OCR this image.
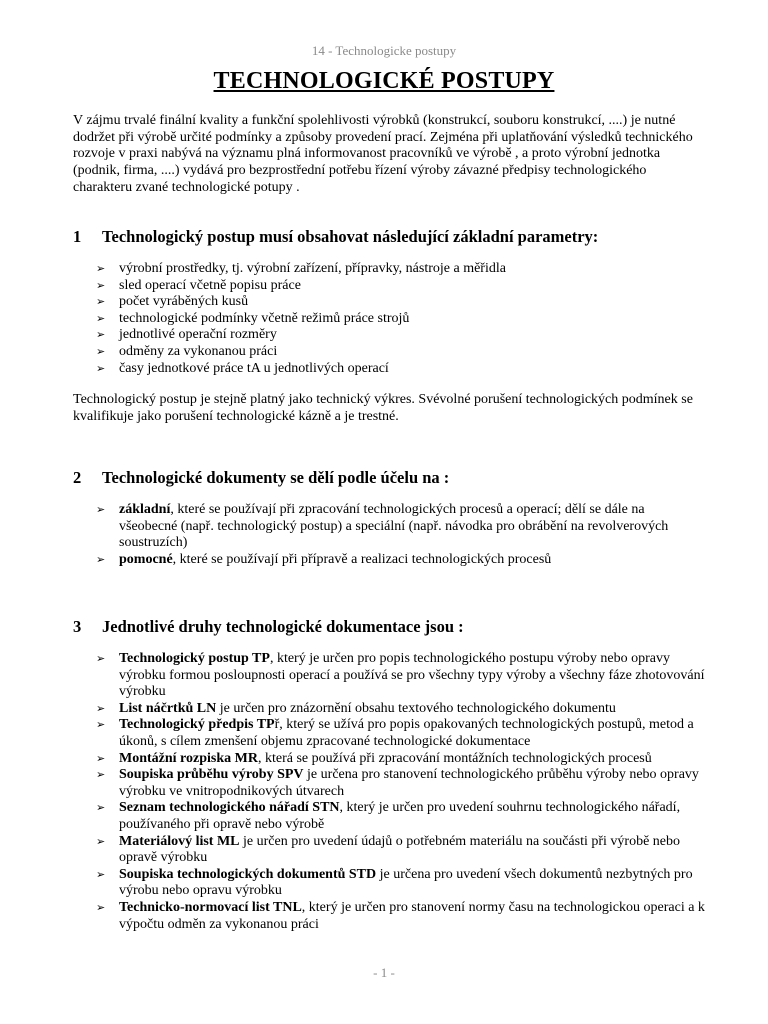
14 - Technologicke postupy
TECHNOLOGICKÉ POSTUPY

V zájmu trvalé finální kvality a funkční spolehlivosti výrobků (konstrukcí, souboru konstrukcí, ....) je nutné dodržet při výrobě určité podmínky a způsoby provedení prací. Zejména při uplatňování výsledků technického rozvoje v praxi nabývá na významu plná informovanost pracovníků ve výrobě , a proto výrobní jednotka (podnik, firma, ....) vydává pro bezprostřední potřebu řízení výroby závazné předpisy technologického charakteru zvané technologické potupy .

1 Technologický postup musí obsahovat následující základní parametry:
➢ výrobní prostředky, tj. výrobní zařízení, přípravky, nástroje a měřidla
➢ sled operací včetně popisu práce
➢ počet vyráběných kusů
➢ technologické podmínky včetně režimů práce strojů
➢ jednotlivé operační rozměry
➢ odměny za vykonanou práci
➢ časy jednotkové práce tA u jednotlivých operací

Technologický postup je stejně platný jako technický výkres. Svévolné porušení technologických podmínek se kvalifikuje jako porušení technologické kázně a je trestné.

2 Technologické dokumenty se dělí podle účelu na :
➢ základní, které se používají při zpracování technologických procesů a operací; dělí se dále na všeobecné (např. technologický postup) a speciální (např. návodka pro obrábění na revolverových soustruzích)
➢ pomocné, které se používají při přípravě a realizaci technologických procesů
3 Jednotlivé druhy technologické dokumentace jsou :
➢ Technologický postup TP, který je určen pro popis technologického postupu výroby nebo opravy výrobku formou posloupnosti operací a používá se pro všechny typy výroby a všechny fáze zhotovování výrobku
➢ List náčrtků LN je určen pro znázornění obsahu textového technologického dokumentu
➢ Technologický předpis TPř, který se užívá pro popis opakovaných technologických postupů, metod a úkonů, s cílem zmenšení objemu zpracované technologické dokumentace
➢ Montážní rozpiska MR, která se používá při zpracování montážních technologických procesů
➢ Soupiska průběhu výroby SPV je určena pro stanovení technologického průběhu výroby nebo opravy výrobku ve vnitropodnikových útvarech
➢ Seznam technologického nářadí STN, který je určen pro uvedení souhrnu technologického nářadí, používaného při opravě nebo výrobě
➢ Materiálový list ML je určen pro uvedení údajů o potřebném materiálu na součásti při výrobě nebo opravě výrobku
➢ Soupiska technologických dokumentů STD je určena pro uvedení všech dokumentů nezbytných pro výrobu nebo opravu výrobku
➢ Technicko-normovací list TNL, který je určen pro stanovení normy času na technologickou operaci a k výpočtu odměn za vykonanou práci
- 1 -
